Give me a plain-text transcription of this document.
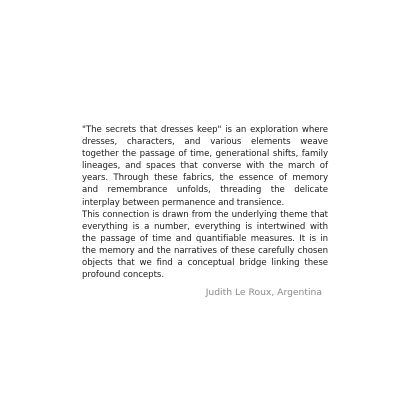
"The secrets that dresses keep" is an exploration where dresses, characters, and various elements weave together the passage of time, generational shifts, family lineages, and spaces that converse with the march of years. Through these fabrics, the essence of memory and remembrance unfolds, threading the delicate interplay between permanence and transience.

This connection is drawn from the underlying theme that everything is a number, everything is intertwined with the passage of time and quantifiable measures. It is in the memory and the narratives of these carefully chosen objects that we find a conceptual bridge linking these profound concepts.

Judith Le Roux, Argentina
